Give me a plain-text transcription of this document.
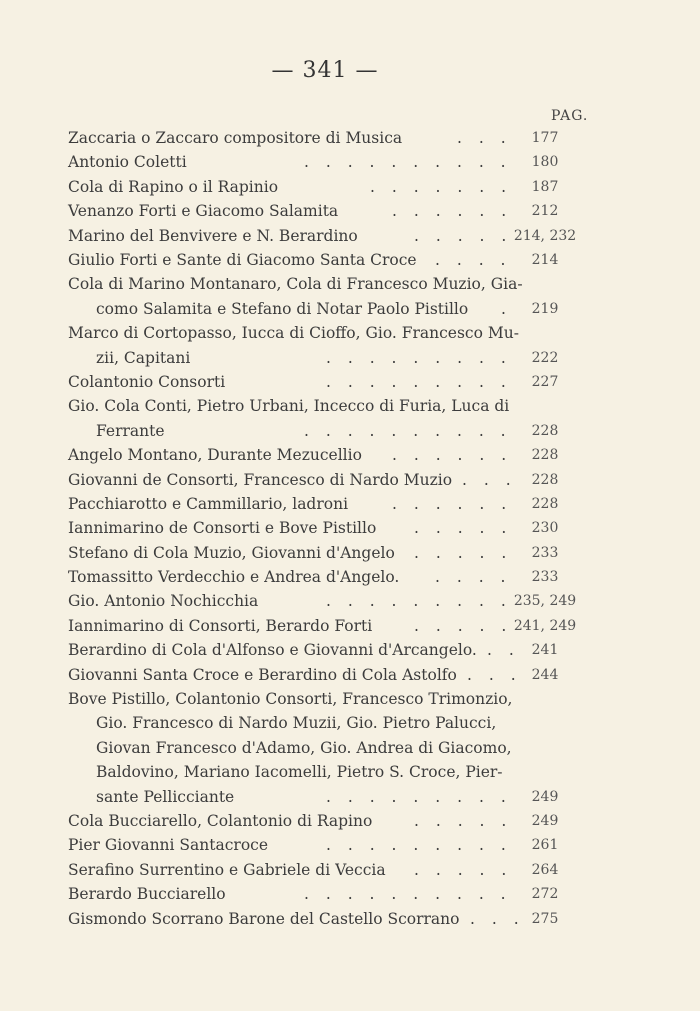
— 341 —
PAG.
Zaccaria o Zaccaro compositore di Musica	. . .	177
Antonio Coletti	. . . . . . . . . .	180
Cola di Rapino o il Rapinio	. . . . . . .	187
Venanzo Forti e Giacomo Salamita	. . . . . .	212
Marino del Benvivere e N. Berardino	. . . . . 214, 232
Giulio Forti e Sante di Giacomo Santa Croce . . . .	214
Cola di Marino Montanaro, Cola di Francesco Muzio, Gia-
como Salamita e Stefano di Notar Paolo Pistillo .	219
Marco di Cortopasso, Iucca di Cioffo, Gio. Francesco Mu-
zii, Capitani	. . . . . . . . .	222
Colantonio Consorti	. . . . . . . . .	227
Gio. Cola Conti, Pietro Urbani, Incecco di Furia, Luca di
Ferrante	. . . . . . . . . .	228
Angelo Montano, Durante Mezucellio . . . . . .	228
Giovanni de Consorti, Francesco di Nardo Muzio . . .	228
Pacchiarotto e Cammillario, ladroni	. . . . . .	228
Iannimarino de Consorti e Bove Pistillo . . . . .	230
Stefano di Cola Muzio, Giovanni d'Angelo . . . . .	233
Tomassitto Verdecchio e Andrea d'Angelo. . . . .	233
Gio. Antonio Nochicchia	. . . . . . . . . 235, 249
Iannimarino di Consorti, Berardo Forti	. . . . . 241, 249
Berardino di Cola d'Alfonso e Giovanni d'Arcangelo. . . 241
Giovanni Santa Croce e Berardino di Cola Astolfo . . . 244
Bove Pistillo, Colantonio Consorti, Francesco Trimonzio,
Gio. Francesco di Nardo Muzii, Gio. Pietro Palucci,
Giovan Francesco d'Adamo, Gio. Andrea di Giacomo,
Baldovino, Mariano Iacomelli, Pietro S. Croce, Pier-
sante Pellicciante	. . . . . . . . .	249
Cola Bucciarello, Colantonio di Rapino	. . . . .	249
Pier Giovanni Santacroce	. . . . . . . . .	261
Serafino Surrentino e Gabriele di Veccia . . . . .	264
Berardo Bucciarello	. . . . . . . . . .	272
Gismondo Scorrano Barone del Castello Scorrano . . . 275
